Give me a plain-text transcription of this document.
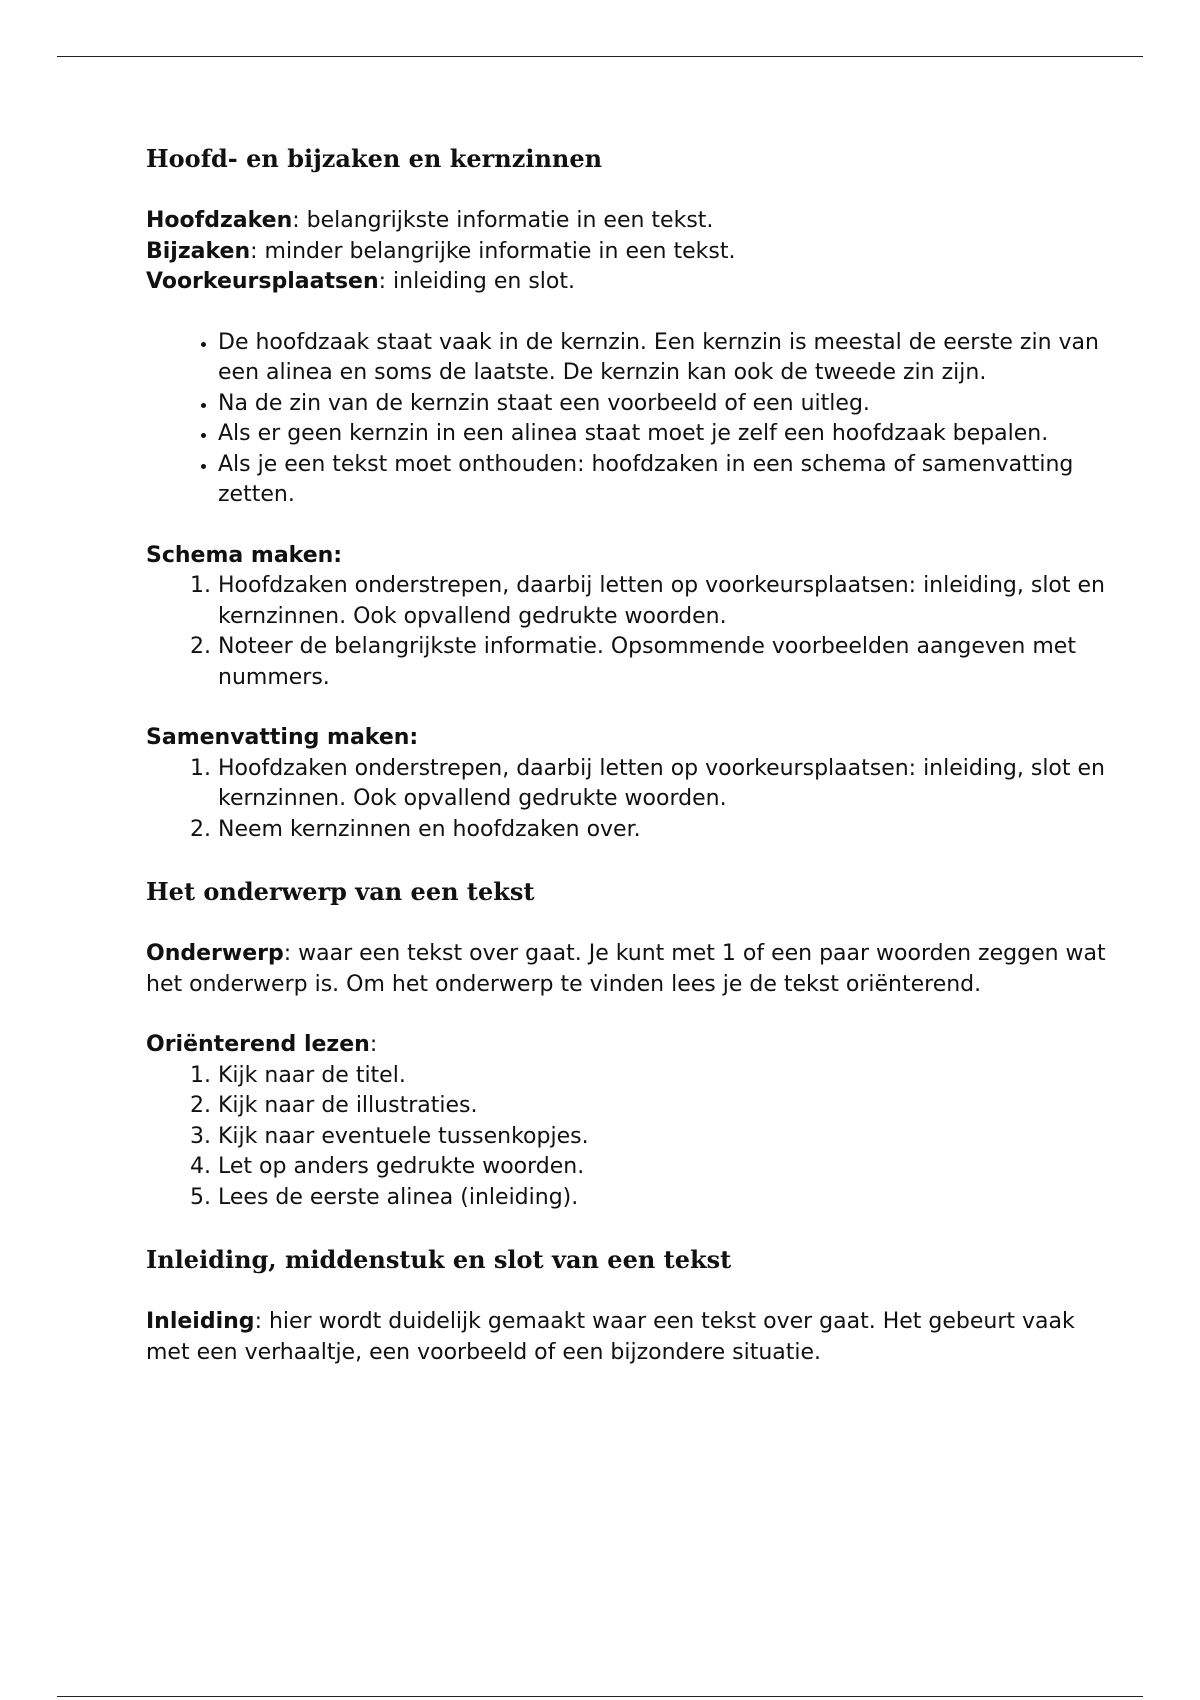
Hoofd- en bijzaken en kernzinnen
Hoofdzaken: belangrijkste informatie in een tekst.
Bijzaken: minder belangrijke informatie in een tekst.
Voorkeursplaatsen: inleiding en slot.
• De hoofdzaak staat vaak in de kernzin. Een kernzin is meestal de eerste zin van een alinea en soms de laatste. De kernzin kan ook de tweede zin zijn.
• Na de zin van de kernzin staat een voorbeeld of een uitleg.
• Als er geen kernzin in een alinea staat moet je zelf een hoofdzaak bepalen.
• Als je een tekst moet onthouden: hoofdzaken in een schema of samenvatting zetten.
Schema maken:
1. Hoofdzaken onderstrepen, daarbij letten op voorkeursplaatsen: inleiding, slot en kernzinnen. Ook opvallend gedrukte woorden.
2. Noteer de belangrijkste informatie. Opsommende voorbeelden aangeven met nummers.
Samenvatting maken:
1. Hoofdzaken onderstrepen, daarbij letten op voorkeursplaatsen: inleiding, slot en kernzinnen. Ook opvallend gedrukte woorden.
2. Neem kernzinnen en hoofdzaken over.
Het onderwerp van een tekst
Onderwerp: waar een tekst over gaat. Je kunt met 1 of een paar woorden zeggen wat het onderwerp is. Om het onderwerp te vinden lees je de tekst oriënterend.
Oriënterend lezen:
1. Kijk naar de titel.
2. Kijk naar de illustraties.
3. Kijk naar eventuele tussenkopjes.
4. Let op anders gedrukte woorden.
5. Lees de eerste alinea (inleiding).
Inleiding, middenstuk en slot van een tekst
Inleiding: hier wordt duidelijk gemaakt waar een tekst over gaat. Het gebeurt vaak met een verhaaltje, een voorbeeld of een bijzondere situatie.
